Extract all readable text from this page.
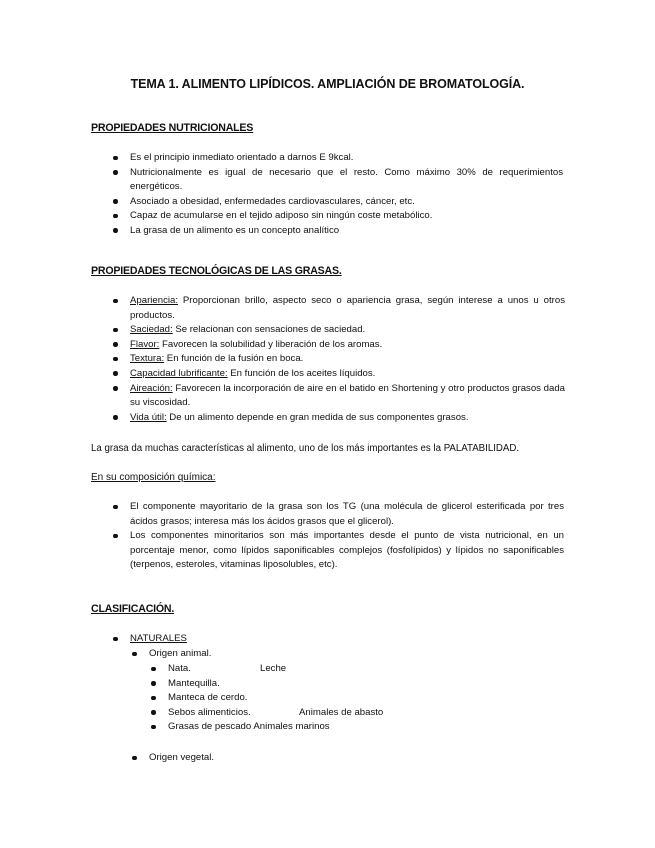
TEMA 1. ALIMENTO LIPÍDICOS. AMPLIACIÓN DE BROMATOLOGÍA.
PROPIEDADES NUTRICIONALES
Es el principio inmediato orientado a darnos E 9kcal.
Nutricionalmente es igual de necesario que el resto. Como máximo 30% de requerimientos energéticos.
Asociado a obesidad, enfermedades cardiovasculares, cáncer, etc.
Capaz de acumularse en el tejido adiposo sin ningún coste metabólico.
La grasa de un alimento es un concepto analítico
PROPIEDADES TECNOLÓGICAS DE LAS GRASAS.
Apariencia: Proporcionan brillo, aspecto seco o apariencia grasa, según interese a unos u otros productos.
Saciedad: Se relacionan con sensaciones de saciedad.
Flavor: Favorecen la solubilidad y liberación de los aromas.
Textura: En función de la fusión en boca.
Capacidad lubrificante: En función de los aceites líquidos.
Aireación: Favorecen la incorporación de aire en el batido en Shortening y otro productos grasos dada su viscosidad.
Vida útil: De un alimento depende en gran medida de sus componentes grasos.
La grasa da muchas características al alimento, uno de los más importantes es la PALATABILIDAD.
En su composición química:
El componente mayoritario de la grasa son los TG (una molécula de glicerol esterificada por tres ácidos grasos; interesa más los ácidos grasos que el glicerol).
Los componentes minoritarios son más importantes desde el punto de vista nutricional, en un porcentaje menor, como lípidos saponificables complejos (fosfolípidos) y lípidos no saponificables (terpenos, esteroles, vitaminas liposolubles, etc).
CLASIFICACIÓN.
NATURALES
Origen animal.
Nata.	Leche
Mantequilla.
Manteca de cerdo.
Sebos alimenticios.	Animales de abasto
Grasas de pescado Animales marinos
Origen vegetal.
